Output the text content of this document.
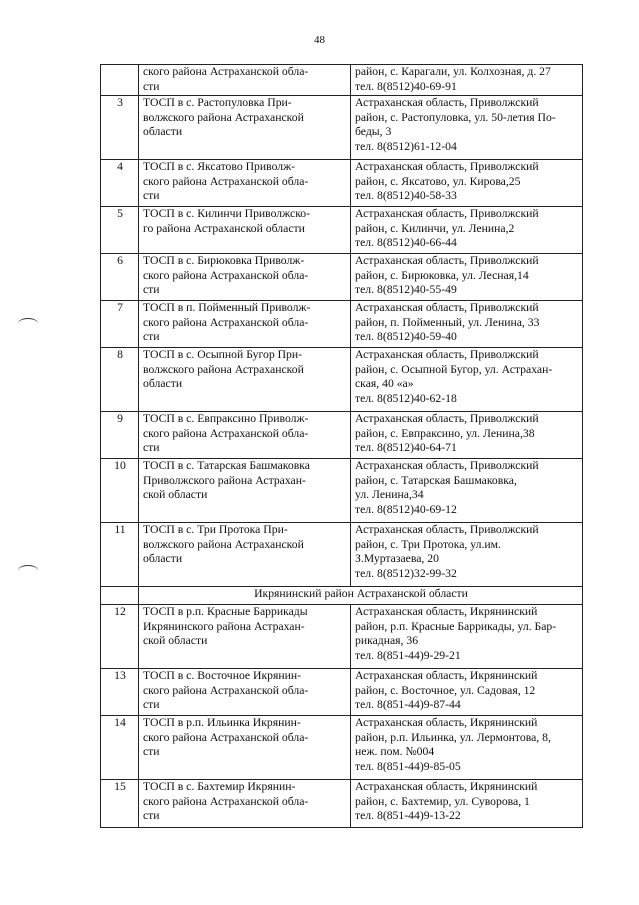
48

	ского района Астраханской обла-
сти	район, с. Карагали, ул. Колхозная, д. 27
тел. 8(8512)40-69-91

3	ТОСП в с. Растопуловка При-
волжского района Астраханской
области	Астраханская область, Приволжский
район, с. Растопуловка, ул. 50-летия По-
беды, 3
тел. 8(8512)61-12-04

4	ТОСП в с. Яксатово Приволж-
ского района Астраханской обла-
сти	Астраханская область, Приволжский
район, с. Яксатово, ул. Кирова,25
тел. 8(8512)40-58-33

5	ТОСП в с. Килинчи Приволжско-
го района Астраханской области	Астраханская область, Приволжский
район, с. Килинчи, ул. Ленина,2
тел. 8(8512)40-66-44

6	ТОСП в с. Бирюковка Приволж-
ского района Астраханской обла-
сти	Астраханская область, Приволжский
район, с. Бирюковка, ул. Лесная,14
тел. 8(8512)40-55-49

7	ТОСП в п. Пойменный Приволж-
ского района Астраханской обла-
сти	Астраханская область, Приволжский
район, п. Пойменный, ул. Ленина, 33
тел. 8(8512)40-59-40

8	ТОСП в с. Осыпной Бугор При-
волжского района Астраханской
области	Астраханская область, Приволжский
район, с. Осыпной Бугор, ул. Астрахан-
ская, 40 «а»
тел. 8(8512)40-62-18

9	ТОСП в с. Евпраксино Приволж-
ского района Астраханской обла-
сти	Астраханская область, Приволжский
район, с. Евпраксино, ул. Ленина,38
тел. 8(8512)40-64-71

10	ТОСП в с. Татарская Башмаковка
Приволжского района Астрахан-
ской области	Астраханская область, Приволжский
район, с. Татарская Башмаковка,
ул. Ленина,34
тел. 8(8512)40-69-12

11	ТОСП в с. Три Протока При-
волжского района Астраханской
области	Астраханская область, Приволжский
район, с. Три Протока, ул.им.
З.Муртазаева, 20
тел. 8(8512)32-99-32

	Икрянинский район Астраханской области	
12	ТОСП в р.п. Красные Баррикады
Икрянинского района Астрахан-
ской области	Астраханская область, Икрянинский
район, р.п. Красные Баррикады, ул. Бар-
рикадная, 36
тел. 8(851-44)9-29-21

13	ТОСП в с. Восточное Икрянин-
ского района Астраханской обла-
сти	Астраханская область, Икрянинский
район, с. Восточное, ул. Садовая, 12
тел. 8(851-44)9-87-44

14	ТОСП в р.п. Ильинка Икрянин-
ского района Астраханской обла-
сти	Астраханская область, Икрянинский
район, р.п. Ильинка, ул. Лермонтова, 8,
неж. пом. №004
тел. 8(851-44)9-85-05

15	ТОСП в с. Бахтемир Икрянин-
ского района Астраханской обла-
сти	Астраханская область, Икрянинский
район, с. Бахтемир, ул. Суворова, 1
тел. 8(851-44)9-13-22
